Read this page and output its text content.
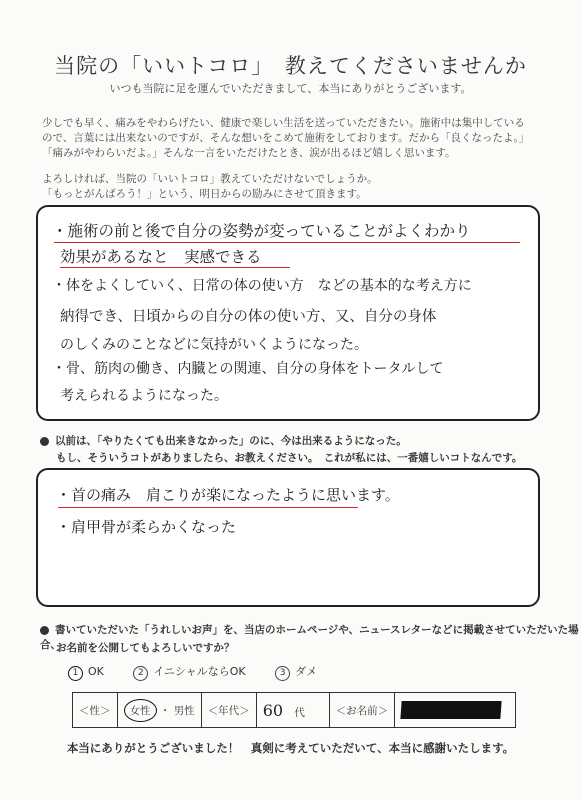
当院の「いいトコロ」　教えてくださいませんか
いつも当院に足を運んでいただきまして、本当にありがとうございます。

少しでも早く、痛みをやわらげたい、健康で楽しい生活を送っていただきたい。施術中は集中している
ので、言葉には出来ないのですが、そんな想いをこめて施術をしております。だから「良くなったよ。」
「痛みがやわらいだよ。」そんな一言をいただけたとき、涙が出るほど嬉しく思います。

よろしければ、当院の「いいトコロ」教えていただけないでしょうか。
「もっとがんばろう！」という、明日からの励みにさせて頂きます。

・施術の前と後で自分の姿勢が変っていることがよくわかり
効果があるなと　実感できる
・体をよくしていく、日常の体の使い方　などの基本的な考え方に
納得でき、日頃からの自分の体の使い方、又、自分の身体
のしくみのことなどに気持がいくようになった。
・骨、筋肉の働き、内臓との関連、自分の身体をトータルして
考えられるようになった。
以前は、「やりたくても出来きなかった」のに、今は出来るようになった。
もし、そういうコトがありましたら、お教えください。　これが私には、一番嬉しいコトなんです。
・首の痛み　肩こりが楽になったように思います。
・肩甲骨が柔らかくなった
書いていただいた「うれしいお声」を、当店のホームページや、ニュースレターなどに掲載させていただいた場合、
お名前を公開してもよろしいですか？
1 OK	2 イニシャルならOK	3 ダメ
＜性＞	女性 ・ 男性	＜年代＞	60 代	＜お名前＞	
本当にありがとうございました！　真剣に考えていただいて、本当に感謝いたします。
